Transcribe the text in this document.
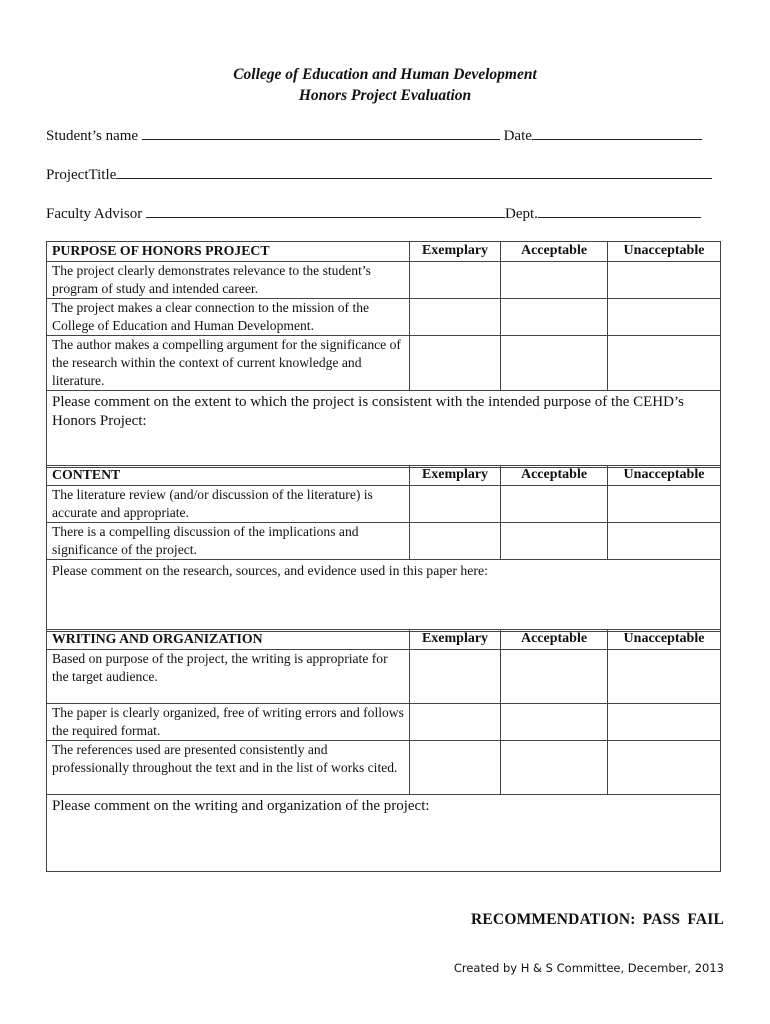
College of Education and Human Development
Honors Project Evaluation
Student’s name	Date
ProjectTitle
Faculty Advisor	Dept.
PURPOSE OF HONORS PROJECT	Exemplary	Acceptable	Unacceptable
The project clearly demonstrates relevance to the student’s program of study and intended career.			
The project makes a clear connection to the mission of the College of Education and Human Development.			
The author makes a compelling argument for the significance of the research within the context of current knowledge and literature.			
Please comment on the extent to which the project is consistent with the intended purpose of the CEHD’s Honors Project:			
CONTENT	Exemplary	Acceptable	Unacceptable
The literature review (and/or discussion of the literature) is accurate and appropriate.			
There is a compelling discussion of the implications and significance of the project.			
Please comment on the research, sources, and evidence used in this paper here:			
WRITING AND ORGANIZATION	Exemplary	Acceptable	Unacceptable
Based on purpose of the project, the writing is appropriate for the target audience.			
The paper is clearly organized, free of writing errors and follows the required format.			
The references used are presented consistently and professionally throughout the text and in the list of works cited.			
Please comment on the writing and organization of the project:			
RECOMMENDATION: PASS FAIL
Created by H & S Committee, December, 2013
